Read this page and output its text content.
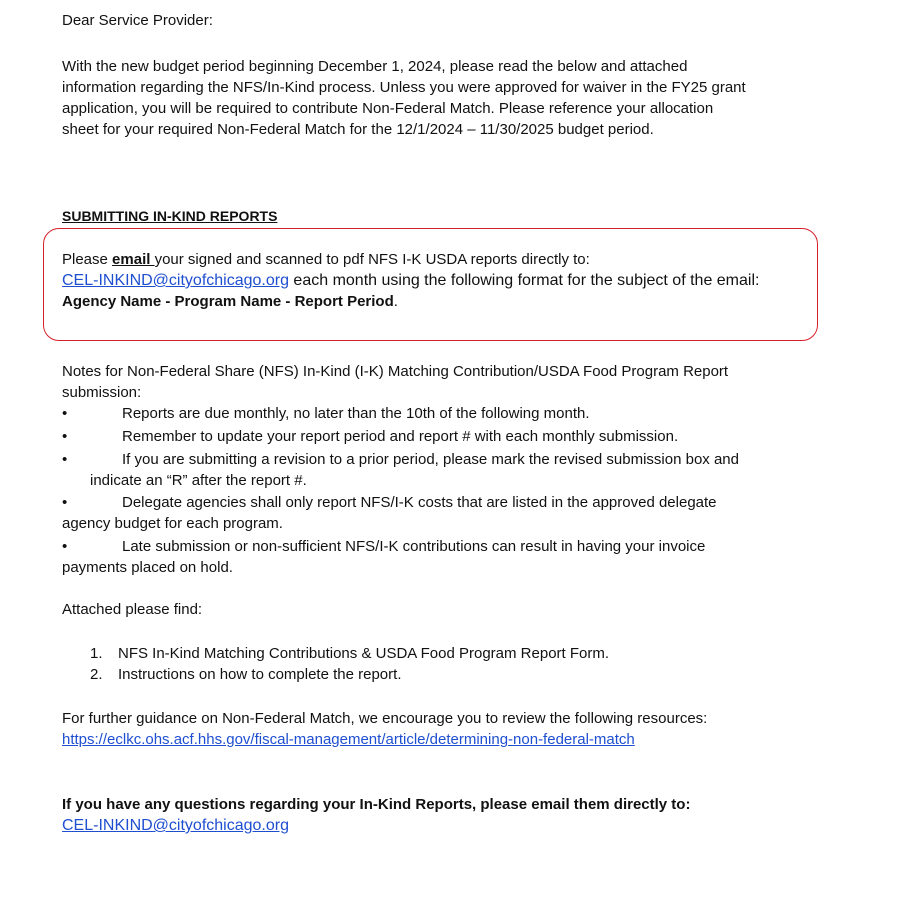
Dear Service Provider:
With the new budget period beginning December 1, 2024, please read the below and attached
information regarding the NFS/In-Kind process. Unless you were approved for waiver in the FY25 grant
application, you will be required to contribute Non-Federal Match. Please reference your allocation
sheet for your required Non-Federal Match for the 12/1/2024 – 11/30/2025 budget period.
SUBMITTING IN-KIND REPORTS
Please email your signed and scanned to pdf NFS I-K USDA reports directly to:
CEL-INKIND@cityofchicago.org each month using the following format for the subject of the email:
Agency Name - Program Name - Report Period.
Notes for Non-Federal Share (NFS) In-Kind (I-K) Matching Contribution/USDA Food Program Report
submission:
•	Reports are due monthly, no later than the 10th of the following month.
•	Remember to update your report period and report # with each monthly submission.
•	If you are submitting a revision to a prior period, please mark the revised submission box and
indicate an “R” after the report #.
•	Delegate agencies shall only report NFS/I-K costs that are listed in the approved delegate
agency budget for each program.
•	Late submission or non-sufficient NFS/I-K contributions can result in having your invoice
payments placed on hold.
Attached please find:
1. NFS In-Kind Matching Contributions & USDA Food Program Report Form.
2. Instructions on how to complete the report.
For further guidance on Non-Federal Match, we encourage you to review the following resources:
https://eclkc.ohs.acf.hhs.gov/fiscal-management/article/determining-non-federal-match
If you have any questions regarding your In-Kind Reports, please email them directly to:
CEL-INKIND@cityofchicago.org
